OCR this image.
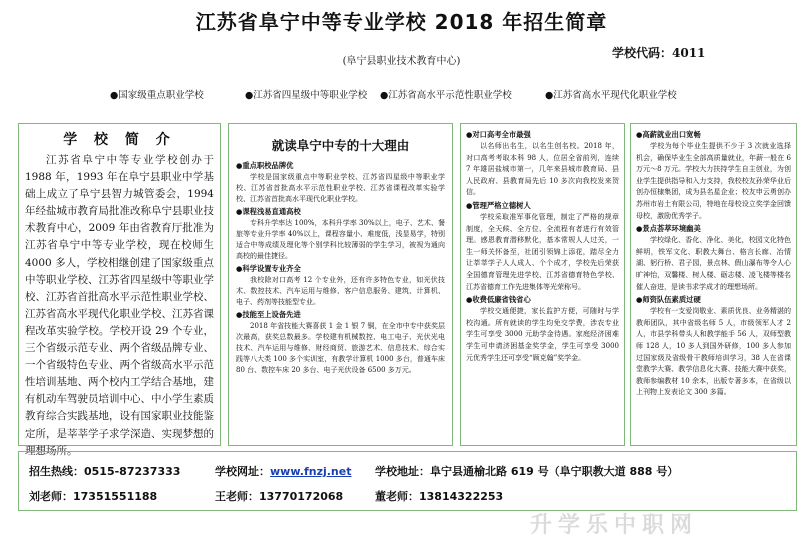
江苏省阜宁中等专业学校 2018 年招生简章
(阜宁县职业技术教育中心)
学校代码：4011
●国家级重点职业学校	●江苏省四星级中等职业学校 ●江苏省高水平示范性职业学校	●江苏省高水平现代化职业学校
学 校 简 介

江苏省阜宁中等专业学校创办于 1988 年，1993 年在阜宁县职业中学基础上成立了阜宁县智力城管委会，1994 年经盐城市教育局批准改称阜宁县职业技术教育中心，2009 年由省教育厅批准为江苏省阜宁中等专业学校，现在校师生 4000 多人，学校相继创建了国家级重点中等职业学校、江苏省四星级中等职业学校、江苏省首批高水平示范性职业学校、江苏省高水平现代化职业学校、江苏省课程改革实验学校。学校开设 29 个专业，三个省级示范专业、两个省级品牌专业、一个省级特色专业、两个省级高水平示范性培训基地、两个校内工学结合基地，建有机动车驾驶员培训中心、中小学生素质教育综合实践基地，设有国家职业技能鉴定所，是莘莘学子求学深造、实现梦想的理想场所。

就读阜宁中专的十大理由
●重点职校品牌优

学校是国家级重点中等职业学校、江苏省四星级中等职业学校、江苏省首批高水平示范性职业学校、江苏省课程改革实验学校、江苏省首批高水平现代化职业学校。

●课程浅易直通高校

专科升学率达 100%，本科升学率 30%以上，电子、艺术、餐旅等专业升学率 40%以上，课程容量小、难度低，浅显易学，特别适合中等成绩及理化等个别学科比较薄弱的学生学习，被视为通向高校的最佳捷径。

●科学设置专业齐全

我校除对口高考 12 个专业外，还有许多特色专业，如光伏技术、数控技术、汽车运用与维修、客户信息服务、建筑、计算机、电子、药剂等技能型专业。

●技能至上设备先进

2018 年省技能大赛喜获 1 金 1 银 7 铜，在全市中专中获奖层次最高，获奖总数最多。学校建有机械数控、电工电子、光伏光电技术、汽车运用与维修、财经商贸、旅游艺术、信息技术、综合实践等八大类 100 多个实训室，有教学计算机 1000 多台，普通车床 80 台、数控车床 20 多台、电子光伏设备 6500 多万元。

●对口高考全市最强

以名师出名生，以名生创名校。2018 年，对口高考考取本科 98 人，位居全省前列，连续 7 年雄居盐城市第一，几年来县城市教育局、县人民政府、县教育局先后 10 多次向我校发来贺信。

●管理严格立德树人

学校采取准军事化管理，制定了严格的规章制度，全天候、全方位、全流程有者进行有效管理。感恩教育潜移默化，基本常规人人过关，一生一师关怀备至，社团引领锦上添花，踏尽全力让莘莘学子人人成人、个个成才，学校先后荣获全国德育管理先进学校、江苏省德育特色学校、江苏省德育工作先进集体等光荣称号。

●收费低廉省钱省心

学校交通便捷，家长监护方便，可随时与学校沟通。所有就读的学生均免交学费，涉农专业学生可享受 3000 元助学金待遇。家庭经济困难学生可申请济困基金奖学金，学生可享受 3000 元优秀学生还可享受“顾克翰”奖学金。

●高薪就业出口宽畅

学校为每个毕业生提供不少于 3 次就业选择机会，确保毕业生全部高质量就业，年薪一般在 6 万元～8 万元。学校大力扶持学生自主创业，为创业学生提供指导和入力支持，我校校友孙荣华业后创办恒棣集团，成为县名星企业；校友申云勇创办苏州市岩土有限公司，特地在母校设立奖学金回馈母校，激励优秀学子。

●景点荟萃环境幽美

学校绿化、香化、净化、美化，校园文化特色鲜明，铁军文化、职教大舞台、格言长廊、冶情湖、躬行桥、君子园，景点林、假山瀑布等令人心旷神怡，双馨楼、树人楼、砺志楼、凌飞楼等楼名催人奋进，是读书求学成才的理想场所。

●师资队伍素质过硬

学校有一支爱岗敬业、素质优良、业务精湛的教师团队，其中省级名师 5 人，市级领军人才 2 人，市县学科带头人和教学能手 56 人，双师型教师 128 人，10 多人到国外研修，100 多人参加过国家级及省级骨干教师培训学习，38 人在省课堂教学大赛、教学信息化大赛、技能大赛中获奖，教师参编教材 10 余本，出版专著多本，在省级以上刊物上发表论文 300 多篇。

招生热线：0515-87237333	学校网址：www.fnzj.net 学校地址：阜宁县通榆北路 619 号（阜宁职教大道 888 号）
刘老师：17351551188	王老师：13770172068	董老师：13814322253
升学乐中职网
